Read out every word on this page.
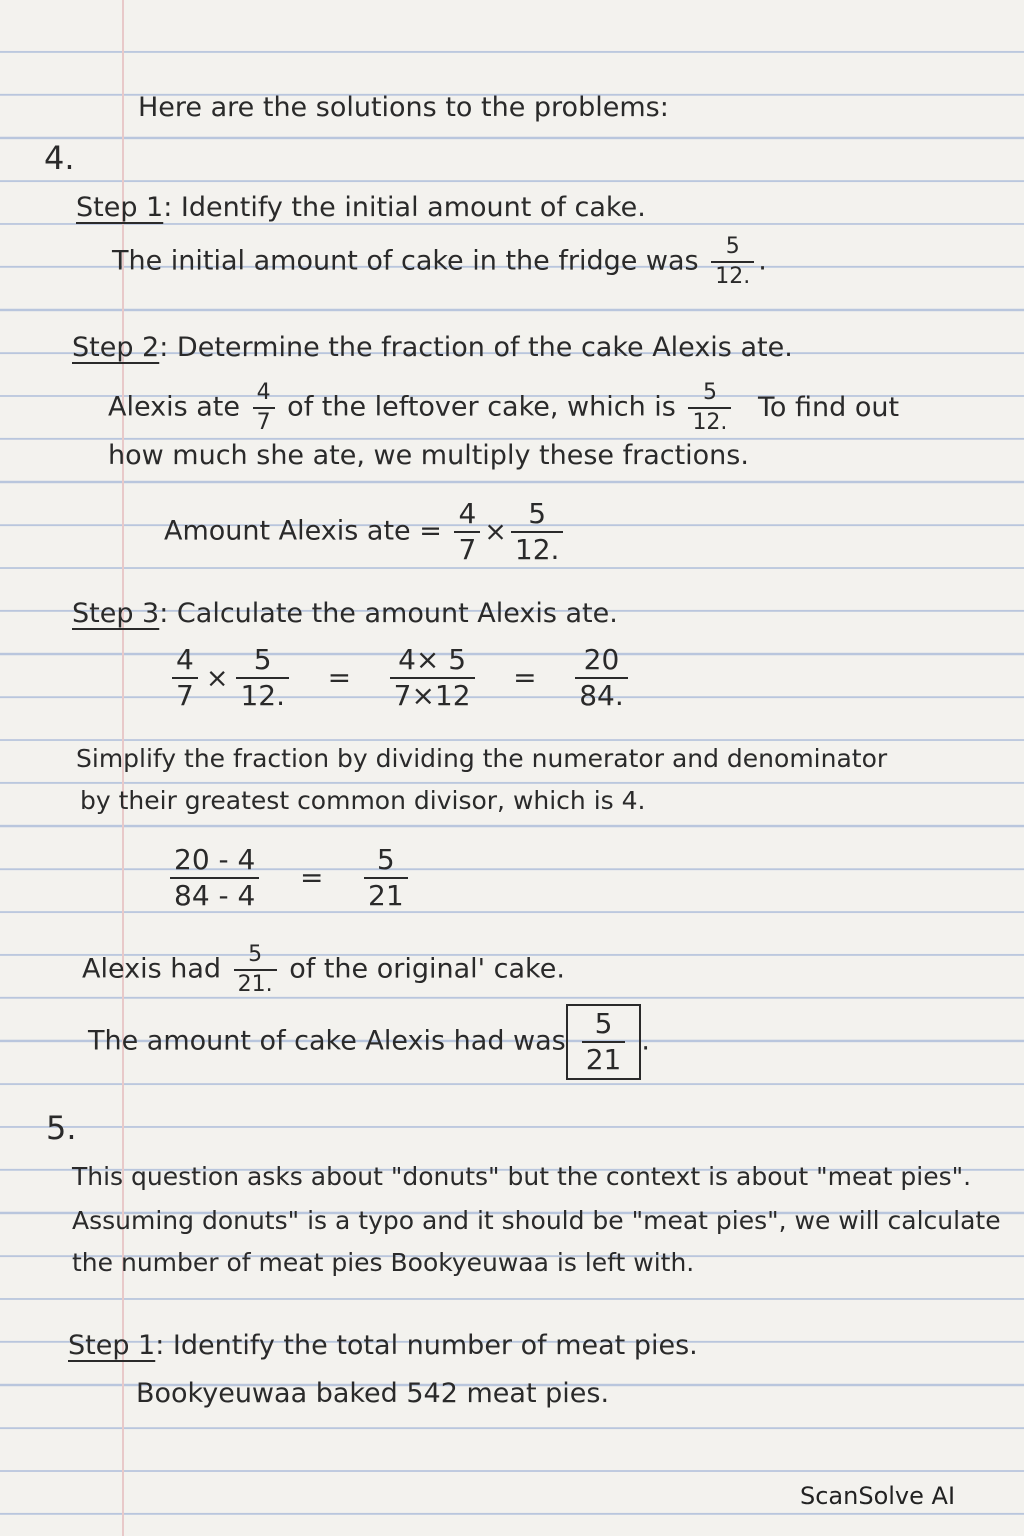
Here are the solutions to the problems:
4.
Step 1: Identify the initial amount of cake.
The initial amount of cake in the fridge was $\frac{5}{12.}$ .
Step 2: Determine the fraction of the cake Alexis ate.
Alexis ate $\frac{4}{7}$ of the leftover cake, which is $\frac{5}{12.}$ To find out
how much she ate, we multiply these fractions.
Amount Alexis ate = $\frac{4}{7} \times \frac{5}{12.}$
Step 3: Calculate the amount Alexis ate.
$\frac{4}{7} \times \frac{5}{12.} = \frac{4\times 5}{7\times 12} = \frac{20}{84.}$
Simplify the fraction by dividing the numerator and denominator
by their greatest common divisor, which is 4.
$\frac{20 - 4}{84 - 4} = \frac{5}{21}$
Alexis had $\frac{5}{21.}$ of the original' cake.
The amount of cake Alexis had was $\frac{5}{21}$ .
5.
This question asks about "donuts" but the context is about "meat pies".
Assuming donuts" is a typo and it should be "meat pies", we will calculate
the number of meat pies Bookyeuwaa is left with.
Step 1: Identify the total number of meat pies.
Bookyeuwaa baked 542 meat pies.
ScanSolve AI
